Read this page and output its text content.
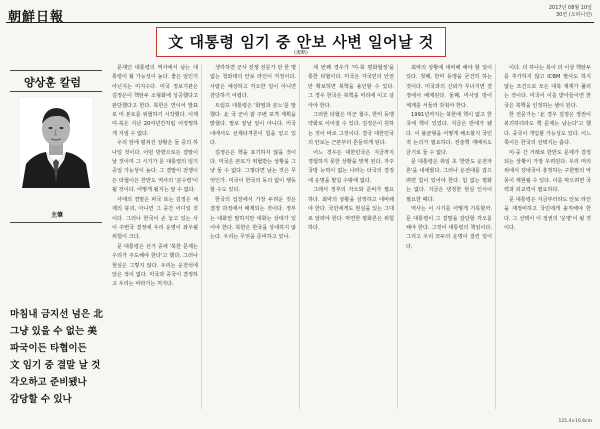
朝鮮日報
2017년 08월 10일
30면 (오피니언)
文 대통령 임기 중 안보 사변 일어날 것
(後略)
양상훈 칼럼
主筆
마침내 금지선 넘은 北
그냥 있을 수 없는 美
파국이든 타협이든
文 임기 중 결말 날 것
각오하고 준비됐나
감당할 수 있나

문재인 대통령의 역사에서 남는 대통령이 될 가능성이 높다. 좋은 일인지 아닌지는 미지수다. 미국 정보기관은 김정은이 핵탄두 소형화에 성공했다고 판단했다고 한다. 북한은 연이어 발표로 미 본토를 위협하기 시작했다. 이제 미·북은 지난 20여년간처럼 어정쩡하게 지낼 수 없다.

우리 앞에 펼쳐진 상황은 둘 중의 하나일 것이다. 어떤 방향으로든 결말이 날 것이며 그 시기가 문 대통령의 임기 중일 가능성이 높다. 그 결말이 전쟁이든 타협이든 한반도 역사의 '분수령'이 될 것이다. 어떻게 될지는 알 수 없다.

사태의 결말은 파국 또는 김정은 체제의 붕괴, 아니면 그 중간 어디일 것이다. 그러나 한국이 손 놓고 있는 사이 주변국 결정에 우리 운명이 좌우될 위험이 크다.

문 대통령은 선거 중에 '북한 문제는 우리가 주도해야 한다'고 했다. 그러나 현실은 그렇지 않다. 우리는 운전석에 앉은 적이 없다. 미국과 중국이 결정하고 우리는 따라가는 처지다.

생각하면 군사 전쟁 전문가 단 한 명 없는 청와대의 안보 라인이 걱정이다. 사람은 예상하고 각오한 일이 아니면 감당하기 어렵다.

트럼프 대통령은 '화염과 분노'를 말했다. 北 국 군이 괌 주변 포격 계획을 밝혔다. 말로 끝날 일이 아니다. 미국 내에서도 선제타격론이 힘을 얻고 있다.

김정은은 핵을 포기하지 않을 것이다. 미국은 본토가 위협받는 상황을 그냥 둘 수 없다. 그렇다면 남는 것은 무엇인가. 미국이 한국의 동의 없이 행동할 수도 있다.

한국의 입장에서 가장 두려운 것은 결정 과정에서 배제되는 것이다. 정부는 대화만 말하지만 대화는 상대가 있어야 한다. 북한은 한국을 상대하지 않는다. 우리는 무엇을 준비하고 있나.

세 번째 경우가 '미·북 평화협정'을 통한 타협이다. 미국은 자국민의 안전만 확보하면 북핵을 용인할 수 있다. 그 경우 한국은 북핵을 머리에 이고 살아야 한다.

그러한 타협은 미군 철수, 한미 동맹 약화로 이어질 수 있다. 김정은이 원하는 것이 바로 그것이다. 결국 대한민국의 안보는 근본부터 흔들리게 된다.

어느 경우든 대한민국은 지금까지 경험하지 못한 상황을 맞게 된다. 자주국방 능력이 없는 나라는 타국의 결정에 운명을 맡길 수밖에 없다.

그래서 정부의 각오와 준비가 필요하다. 최악의 상황을 상정하고 대비해야 한다. 국민에게도 현실을 있는 그대로 알려야 한다. 막연한 평화론은 위험하다.

최악의 상황에 대비해 해야 할 일이 있다. 첫째, 한미 동맹을 굳건히 하는 것이다. 미국과의 신뢰가 무너지면 결정에서 배제된다. 둘째, 미사일 방어 체계를 서둘러 갖춰야 한다.

1991년까지는 북한에 핵이 없고 한국에 핵이 있었다. 지금은 반대가 됐다. 이 불균형을 어떻게 해소할지 국민적 논의가 필요하다. 전술핵 재배치도 금기로 둘 수 없다.

문 대통령은 취임 초 '한반도 운전자론'을 내세웠다. 그러나 운전대를 잡으려면 힘이 있어야 한다. 힘 없는 평화는 없다. 지금은 냉정한 현실 인식이 필요한 때다.

역사는 이 시기를 어떻게 기록할까. 문 대통령이 그 결말을 감당할 각오를 해야 한다. 그것이 대통령의 책임이다. 그리고 우리 모두의 운명이 걸린 일이다.

이다. 더 하나는 북이 더 이상 핵탄두를 추가하지 않고 ICBM 발사도 하지 않는 조건으로 모든 대북 제재가 풀리는 것이다. 미국이 이를 받아들이면 한국은 북핵을 인정하는 셈이 된다.

한 전문가는 '北 경우 김정은 정권이 붕괴하더라도 핵 문제는 남는다'고 했다. 중국이 개입할 가능성도 있다. 어느 쪽이든 한국의 선택지는 좁다.

미·중 간 거래로 한반도 문제가 결정되는 상황이 가장 우려된다. 우리 머리 위에서 강대국이 흥정하는 구한말의 악몽이 재현될 수 있다. 이를 막으려면 국력과 외교력이 필요하다.

문 대통령은 지금부터라도 안보 라인을 재정비하고 국민에게 솔직해야 한다. 그 선택이 이 정권의 '운명'이 될 것이다.

125.4×16.6cm
